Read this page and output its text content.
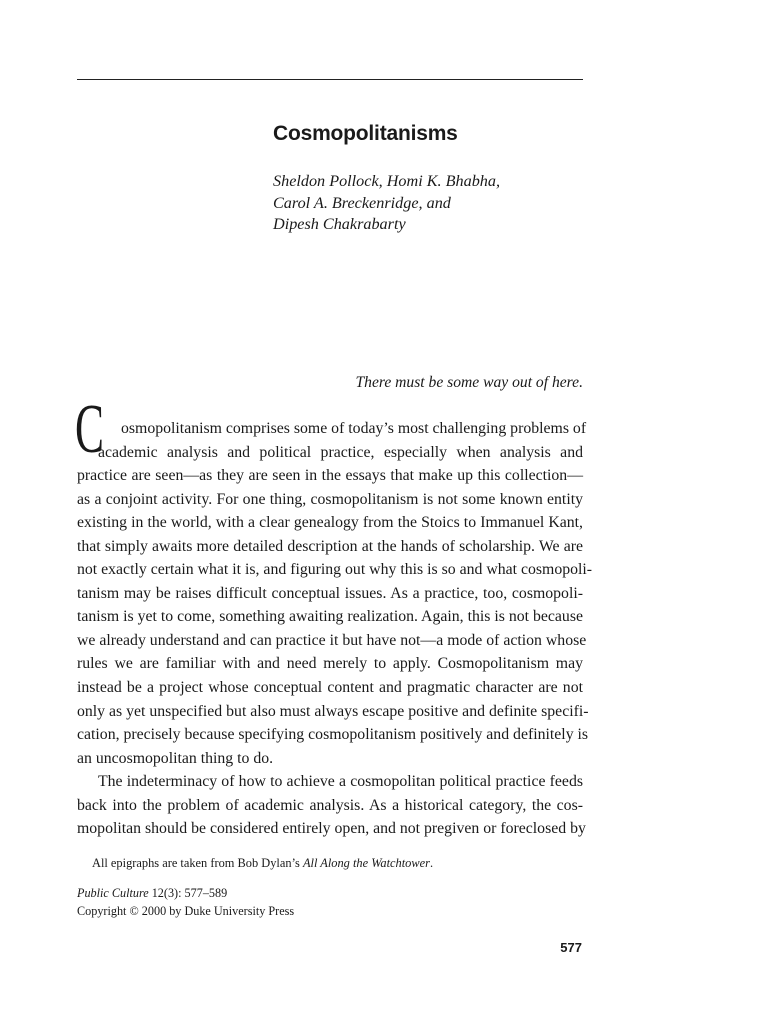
Cosmopolitanisms
Sheldon Pollock, Homi K. Bhabha,
Carol A. Breckenridge, and
Dipesh Chakrabarty
There must be some way out of here.
C osmopolitanism comprises some of today’s most challenging problems of
academic analysis and political practice, especially when analysis and
practice are seen—as they are seen in the essays that make up this collection—
as a conjoint activity. For one thing, cosmopolitanism is not some known entity
existing in the world, with a clear genealogy from the Stoics to Immanuel Kant,
that simply awaits more detailed description at the hands of scholarship. We are
not exactly certain what it is, and figuring out why this is so and what cosmopoli-
tanism may be raises difficult conceptual issues. As a practice, too, cosmopoli-
tanism is yet to come, something awaiting realization. Again, this is not because
we already understand and can practice it but have not—a mode of action whose
rules we are familiar with and need merely to apply. Cosmopolitanism may
instead be a project whose conceptual content and pragmatic character are not
only as yet unspecified but also must always escape positive and definite specifi-
cation, precisely because specifying cosmopolitanism positively and definitely is
an uncosmopolitan thing to do.
The indeterminacy of how to achieve a cosmopolitan political practice feeds
back into the problem of academic analysis. As a historical category, the cos-
mopolitan should be considered entirely open, and not pregiven or foreclosed by
All epigraphs are taken from Bob Dylan’s All Along the Watchtower.
Public Culture 12(3): 577–589
Copyright © 2000 by Duke University Press
577
